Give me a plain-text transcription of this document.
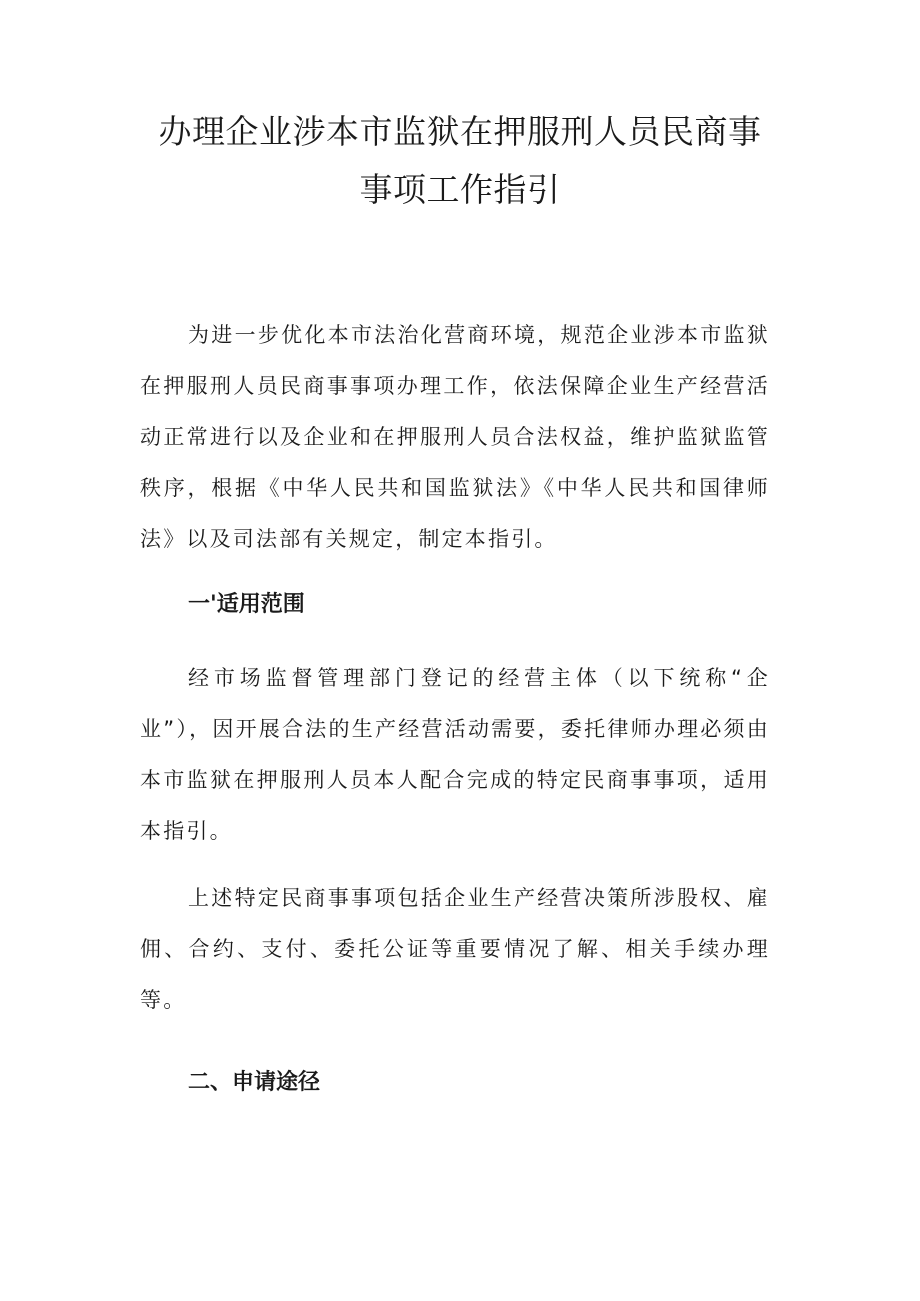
办理企业涉本市监狱在押服刑人员民商事
事项工作指引

为进一步优化本市法治化营商环境，规范企业涉本市监狱在押服刑人员民商事事项办理工作，依法保障企业生产经营活动正常进行以及企业和在押服刑人员合法权益，维护监狱监管秩序，根据《中华人民共和国监狱法》《中华人民共和国律师法》以及司法部有关规定，制定本指引。

一'适用范围

经市场监督管理部门登记的经营主体（以下统称“企业”），因开展合法的生产经营活动需要，委托律师办理必须由本市监狱在押服刑人员本人配合完成的特定民商事事项，适用本指引。

上述特定民商事事项包括企业生产经营决策所涉股权、雇佣、合约、支付、委托公证等重要情况了解、相关手续办理等。

二、申请途径
